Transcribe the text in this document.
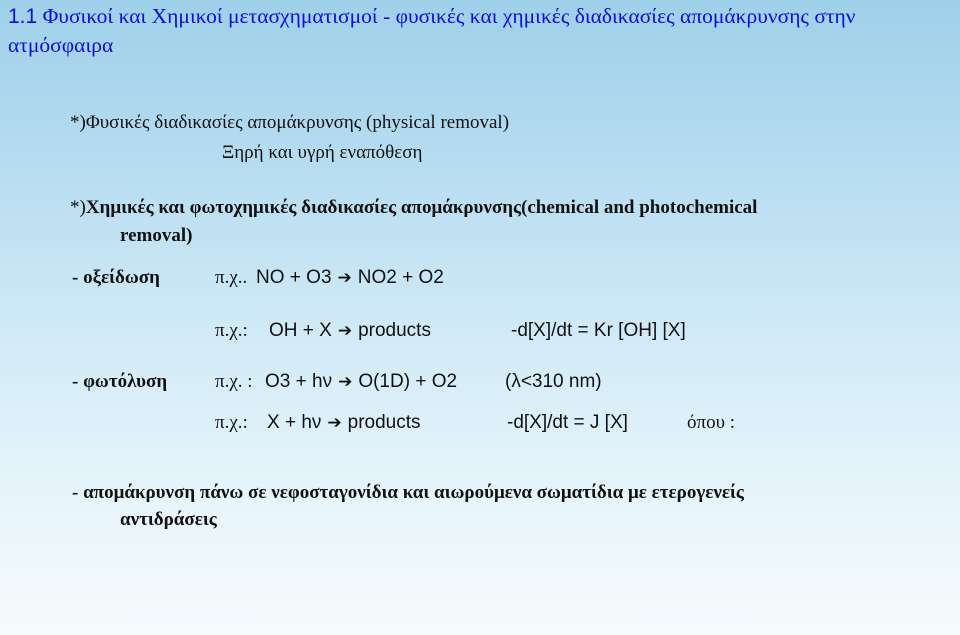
1.1 Φυσικοί και Χημικοί μετασχηματισμοί - φυσικές και χημικές διαδικασίες απομάκρυνσης στην ατμόσφαιρα
*)Φυσικές διαδικασίες απομάκρυνσης (physical removal)
Ξηρή και υγρή εναπόθεση
*)Χημικές και φωτοχημικές διαδικασίες απομάκρυνσης(chemical and photochemical
removal)
- οξείδωση	π.χ.. NO + O3 ➔ NO2 + O2
π.χ.: OH + X ➔ products	-d[X]/dt = Kr [OH] [X]
- φωτόλυση	π.χ. : O3 + hν ➔ O(1D) + O2	(λ<310 nm)
π.χ.: X + hν ➔ products	-d[X]/dt = J [X]	όπου :
- απομάκρυνση πάνω σε νεφοσταγονίδια και αιωρούμενα σωματίδια με ετερογενείς
αντιδράσεις
